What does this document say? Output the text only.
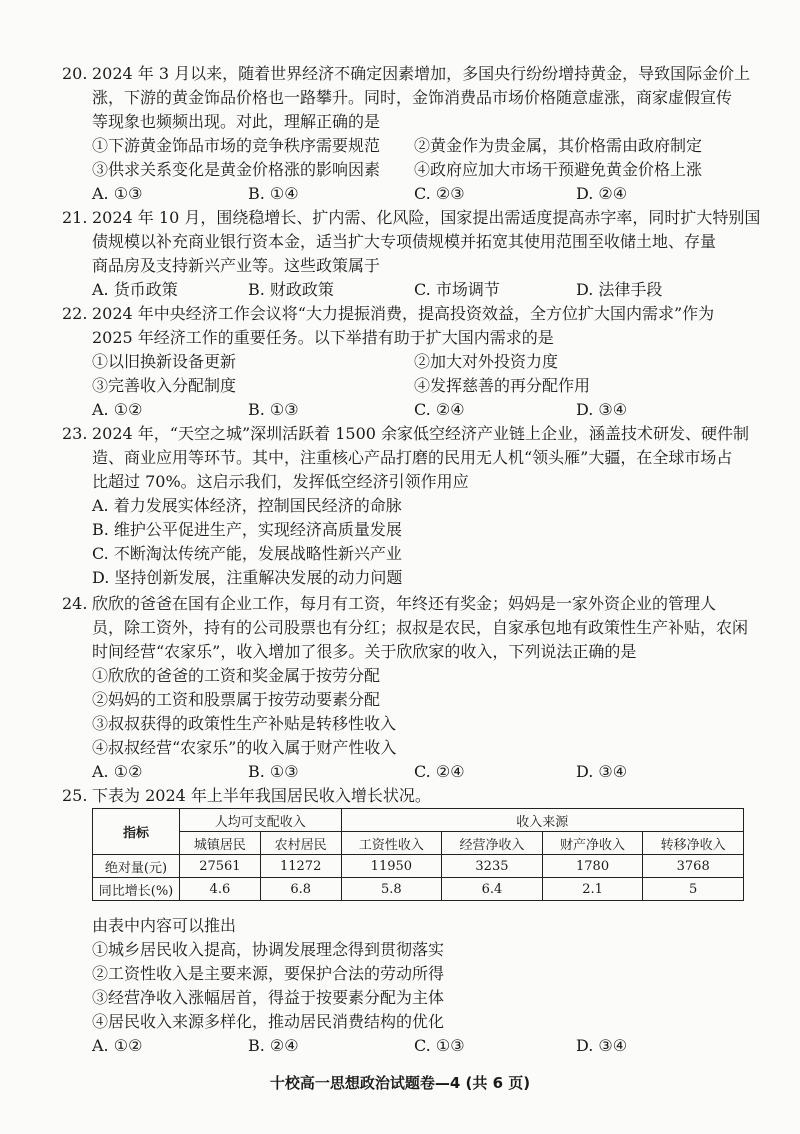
20. 2024 年 3 月以来，随着世界经济不确定因素增加，多国央行纷纷增持黄金，导致国际金价上
涨，下游的黄金饰品价格也一路攀升。同时，金饰消费品市场价格随意虚涨，商家虚假宣传
等现象也频频出现。对此，理解正确的是
①下游黄金饰品市场的竞争秩序需要规范 ②黄金作为贵金属，其价格需由政府制定
③供求关系变化是黄金价格涨的影响因素 ④政府应加大市场干预避免黄金价格上涨
A. ①③	B. ①④	C. ②③	D. ②④
21. 2024 年 10 月，围绕稳增长、扩内需、化风险，国家提出需适度提高赤字率，同时扩大特别国
债规模以补充商业银行资本金，适当扩大专项债规模并拓宽其使用范围至收储土地、存量
商品房及支持新兴产业等。这些政策属于
A. 货币政策	B. 财政政策	C. 市场调节	D. 法律手段
22. 2024 年中央经济工作会议将“大力提振消费，提高投资效益，全方位扩大国内需求”作为
2025 年经济工作的重要任务。以下举措有助于扩大国内需求的是
①以旧换新设备更新	②加大对外投资力度
③完善收入分配制度	④发挥慈善的再分配作用
A. ①②	B. ①③	C. ②④	D. ③④
23. 2024 年，“天空之城”深圳活跃着 1500 余家低空经济产业链上企业，涵盖技术研发、硬件制
造、商业应用等环节。其中，注重核心产品打磨的民用无人机“领头雁”大疆，在全球市场占
比超过 70%。这启示我们，发挥低空经济引领作用应
A. 着力发展实体经济，控制国民经济的命脉
B. 维护公平促进生产，实现经济高质量发展
C. 不断淘汰传统产能，发展战略性新兴产业
D. 坚持创新发展，注重解决发展的动力问题
24. 欣欣的爸爸在国有企业工作，每月有工资，年终还有奖金；妈妈是一家外资企业的管理人
员，除工资外，持有的公司股票也有分红；叔叔是农民，自家承包地有政策性生产补贴，农闲
时间经营“农家乐”，收入增加了很多。关于欣欣家的收入，下列说法正确的是
①欣欣的爸爸的工资和奖金属于按劳分配
②妈妈的工资和股票属于按劳动要素分配
③叔叔获得的政策性生产补贴是转移性收入
④叔叔经营“农家乐”的收入属于财产性收入
A. ①②	B. ①③	C. ②④	D. ③④
25. 下表为 2024 年上半年我国居民收入增长状况。
指标	人均可支配收入		收入来源			
	城镇居民	农村居民	工资性收入	经营净收入	财产净收入	转移净收入
绝对量(元)	27561	11272	11950	3235	1780	3768
同比增长(%)	4.6	6.8	5.8	6.4	2.1	5
由表中内容可以推出
①城乡居民收入提高，协调发展理念得到贯彻落实
②工资性收入是主要来源，要保护合法的劳动所得
③经营净收入涨幅居首，得益于按要素分配为主体
④居民收入来源多样化，推动居民消费结构的优化
A. ①②	B. ②④	C. ①③	D. ③④
十校高一思想政治试题卷—4 (共 6 页)
